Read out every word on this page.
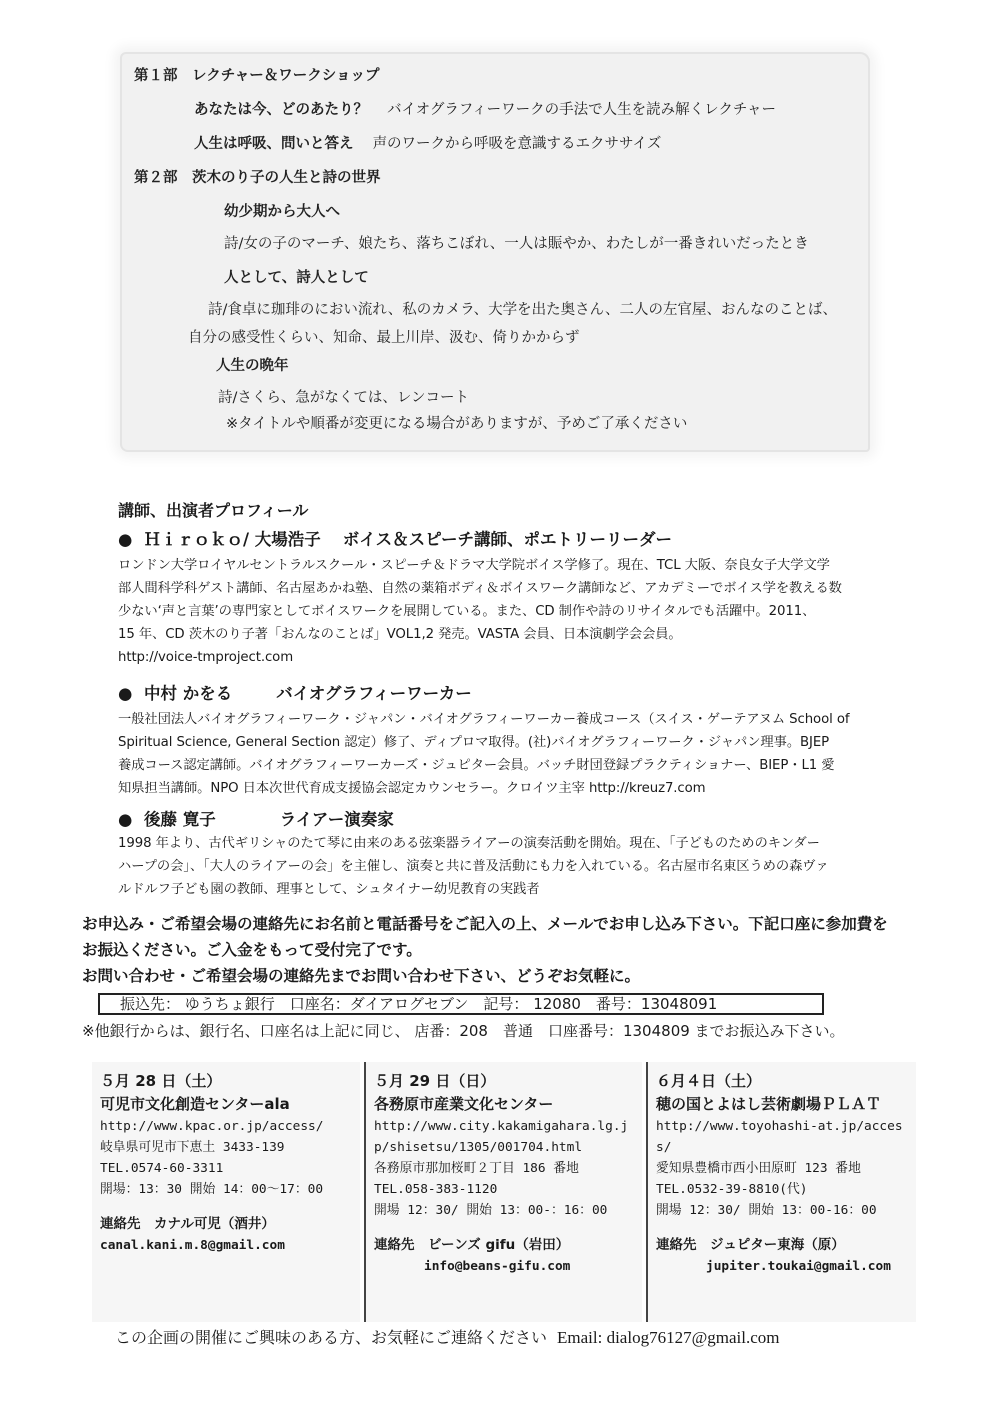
第１部　レクチャー＆ワークショップ
あなたは今、どのあたり？ バイオグラフィーワークの手法で人生を読み解くレクチャー
人生は呼吸、問いと答え 声のワークから呼吸を意識するエクササイズ
第２部　茨木のり子の人生と詩の世界
幼少期から大人へ
詩/女の子のマーチ、娘たち、落ちこぼれ、一人は賑やか、わたしが一番きれいだったとき
人として、詩人として
詩/食卓に珈琲のにおい流れ、私のカメラ、大学を出た奥さん、二人の左官屋、おんなのことば、
自分の感受性くらい、知命、最上川岸、汲む、倚りかからず
人生の晩年
詩/さくら、急がなくては、レンコート
※タイトルや順番が変更になる場合がありますが、予めご了承ください
講師、出演者プロフィール
● Ｈｉｒｏｋｏ/ 大場浩子 ボイス＆スピーチ講師、ポエトリーリーダー
ロンドン大学ロイヤルセントラルスクール・スピーチ＆ドラマ大学院ボイス学修了。現在、TCL 大阪、奈良女子大学文学
部人間科学科ゲスト講師、名古屋あかね塾、自然の薬箱ボディ＆ボイスワーク講師など、アカデミーでボイス学を教える数
少ない‘声と言葉’の専門家としてボイスワークを展開している。また、CD 制作や詩のリサイタルでも活躍中。2011、
15 年、CD 茨木のり子著「おんなのことば」VOL1,2 発売。VASTA 会員、日本演劇学会会員。
http://voice-tmproject.com
● 中村 かをる	バイオグラフィーワーカー
一般社団法人バイオグラフィーワーク・ジャパン・バイオグラフィーワーカー養成コース（スイス・ゲーテアヌム School of
Spiritual Science, General Section 認定）修了、ディプロマ取得。(社)バイオグラフィーワーク・ジャパン理事。BJEP
養成コース認定講師。バイオグラフィーワーカーズ・ジュピター会員。バッチ財団登録プラクティショナー、BIEP・L1 愛
知県担当講師。NPO 日本次世代育成支援協会認定カウンセラー。クロイツ主宰 http://kreuz7.com
● 後藤 寛子	ライアー演奏家
1998 年より、古代ギリシャのたて琴に由来のある弦楽器ライアーの演奏活動を開始。現在、「子どものためのキンダー
ハープの会」、「大人のライアーの会」を主催し、演奏と共に普及活動にも力を入れている。名古屋市名東区うめの森ヴァ
ルドルフ子ども園の教師、理事として、シュタイナー幼児教育の実践者
お申込み・ご希望会場の連絡先にお名前と電話番号をご記入の上、メールでお申し込み下さい。下記口座に参加費を
お振込ください。ご入金をもって受付完了です。
お問い合わせ・ご希望会場の連絡先までお問い合わせ下さい、どうぞお気軽に。
振込先： ゆうちょ銀行　口座名：ダイアログセブン　記号： 12080　番号：13048091
※他銀行からは、銀行名、口座名は上記に同じ、 店番：208　普通　口座番号：1304809 までお振込み下さい。
５月 28 日（土）
可児市文化創造センターala
http://www.kpac.or.jp/access/
岐阜県可児市下恵土 3433-139
TEL.0574-60-3311
開場：13：30 開始 14：00～17：00
連絡先　カナル可児（酒井）
canal.kani.m.8@gmail.com
５月 29 日（日）
各務原市産業文化センター
http://www.city.kakamigahara.lg.jp/shisetsu/1305/001704.html
各務原市那加桜町２丁目 186 番地
TEL.058-383-1120
開場 12：30/ 開始 13：00-：16：00
連絡先　ビーンズ gifu（岩田）
info@beans-gifu.com
６月４日（土）
穂の国とよはし芸術劇場ＰＬＡＴ
http://www.toyohashi-at.jp/access/
愛知県豊橋市西小田原町 123 番地
TEL.0532-39-8810(代)
開場 12：30/ 開始 13：00-16：00
連絡先　ジュピター東海（原）
jupiter.toukai@gmail.com
この企画の開催にご興味のある方、お気軽にご連絡ください Email: dialog76127@gmail.com
